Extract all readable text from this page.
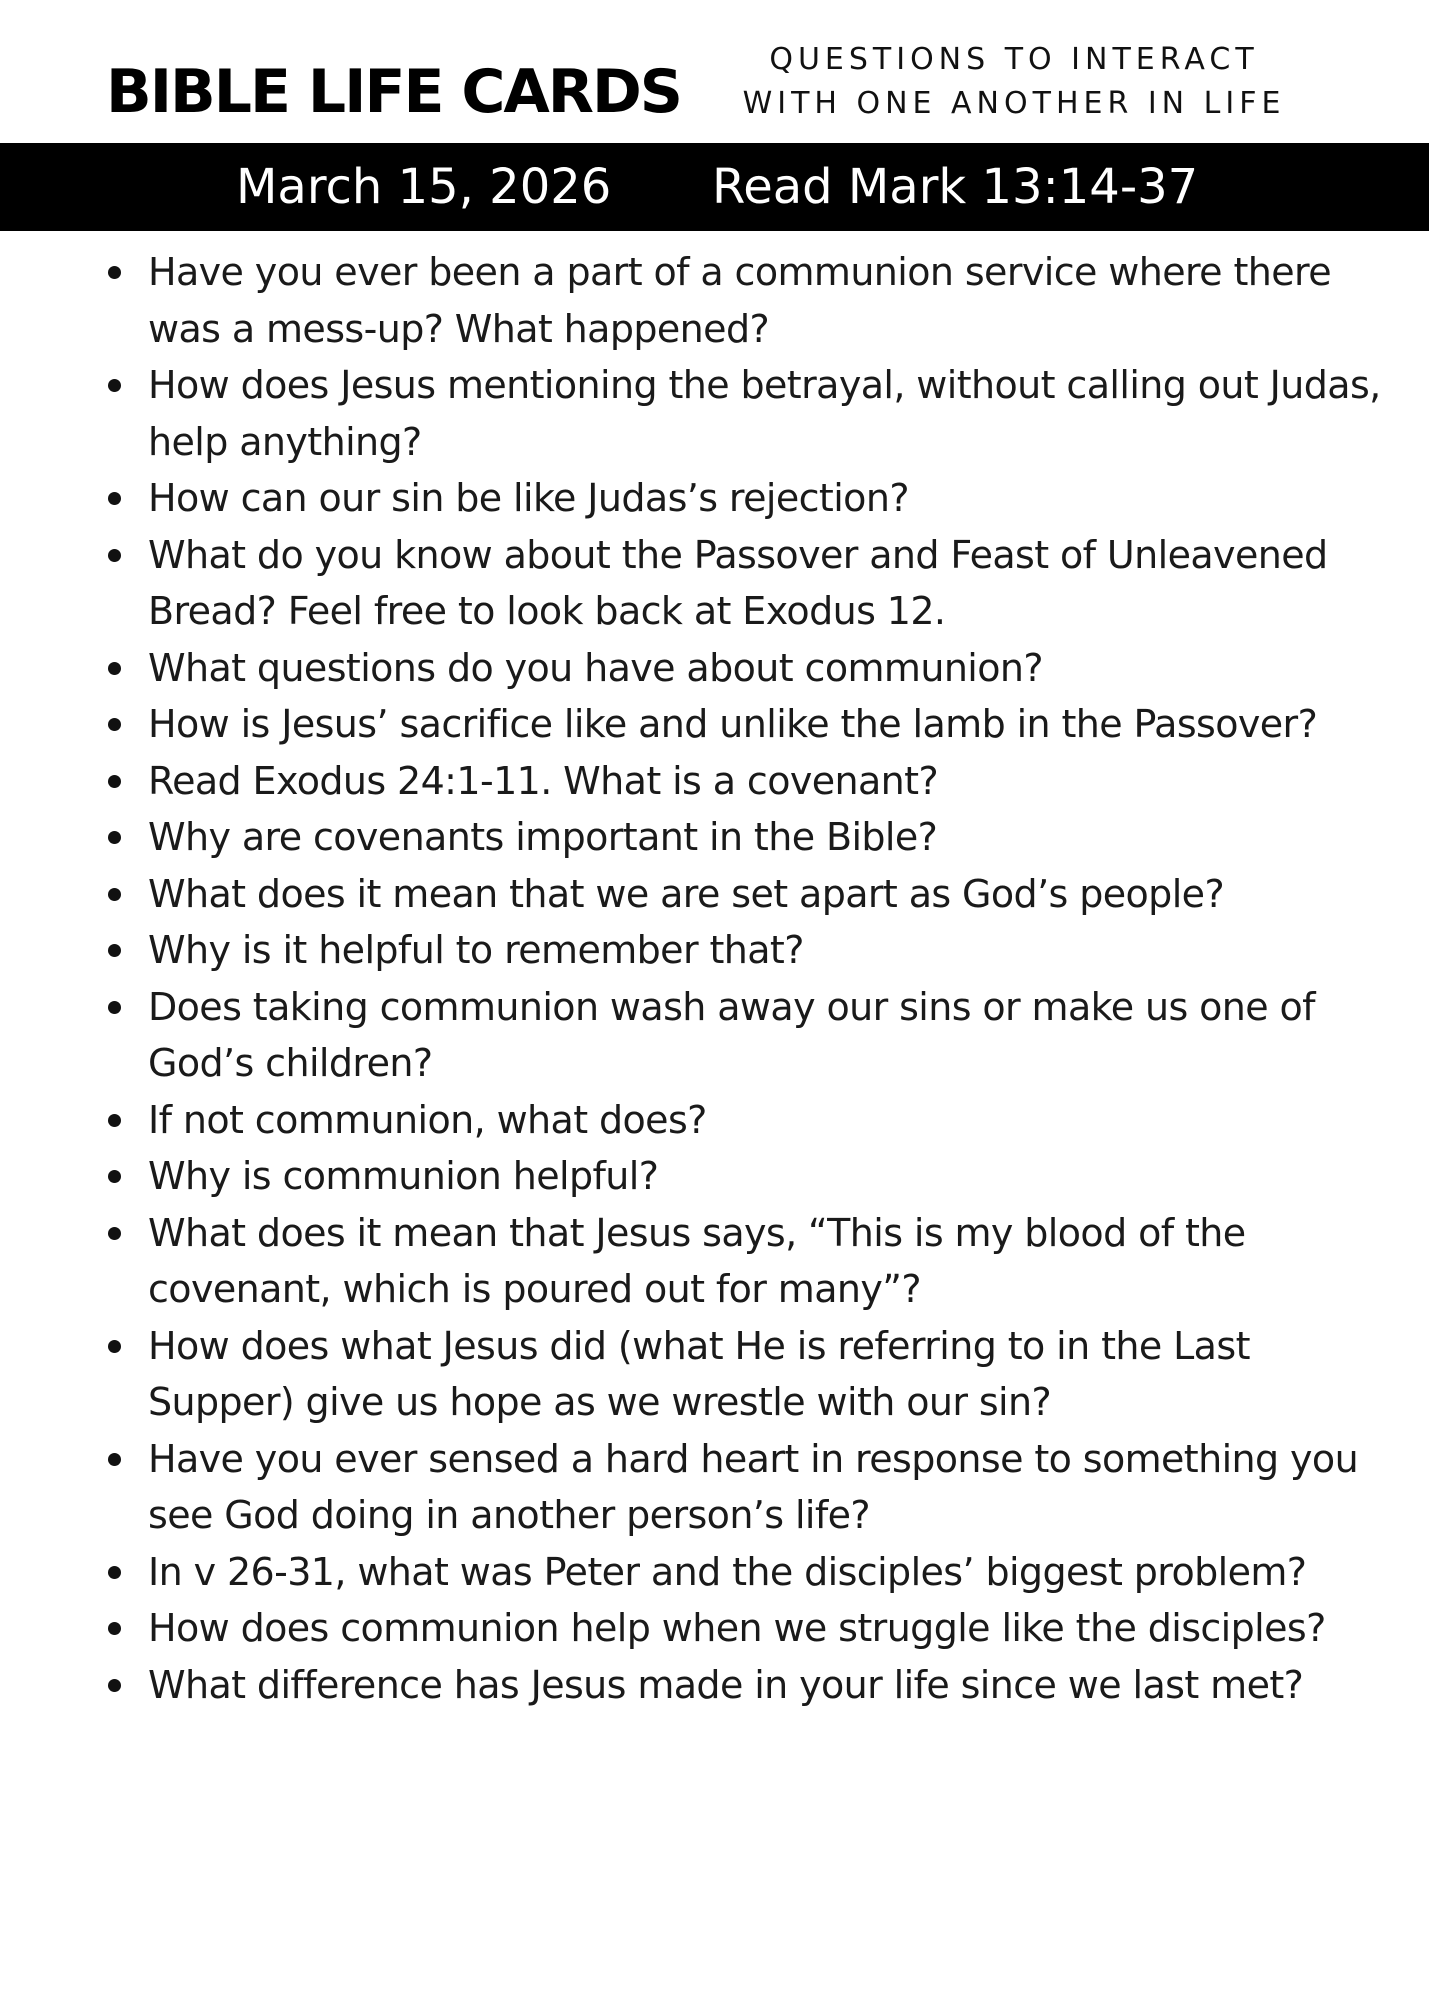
BIBLE LIFE CARDS	QUESTIONS TO INTERACT
WITH ONE ANOTHER IN LIFE
March 15, 2026 Read Mark 13:14-37
Have you ever been a part of a communion service where there was a mess-up? What happened?
How does Jesus mentioning the betrayal, without calling out Judas, help anything?
How can our sin be like Judas’s rejection?
What do you know about the Passover and Feast of Unleavened Bread? Feel free to look back at Exodus 12.
What questions do you have about communion?
How is Jesus’ sacrifice like and unlike the lamb in the Passover?
Read Exodus 24:1-11. What is a covenant?
Why are covenants important in the Bible?
What does it mean that we are set apart as God’s people?
Why is it helpful to remember that?
Does taking communion wash away our sins or make us one of God’s children?
If not communion, what does?
Why is communion helpful?
What does it mean that Jesus says, “This is my blood of the covenant, which is poured out for many”?
How does what Jesus did (what He is referring to in the Last Supper) give us hope as we wrestle with our sin?
Have you ever sensed a hard heart in response to something you see God doing in another person’s life?
In v 26-31, what was Peter and the disciples’ biggest problem?
How does communion help when we struggle like the disciples?
What difference has Jesus made in your life since we last met?
